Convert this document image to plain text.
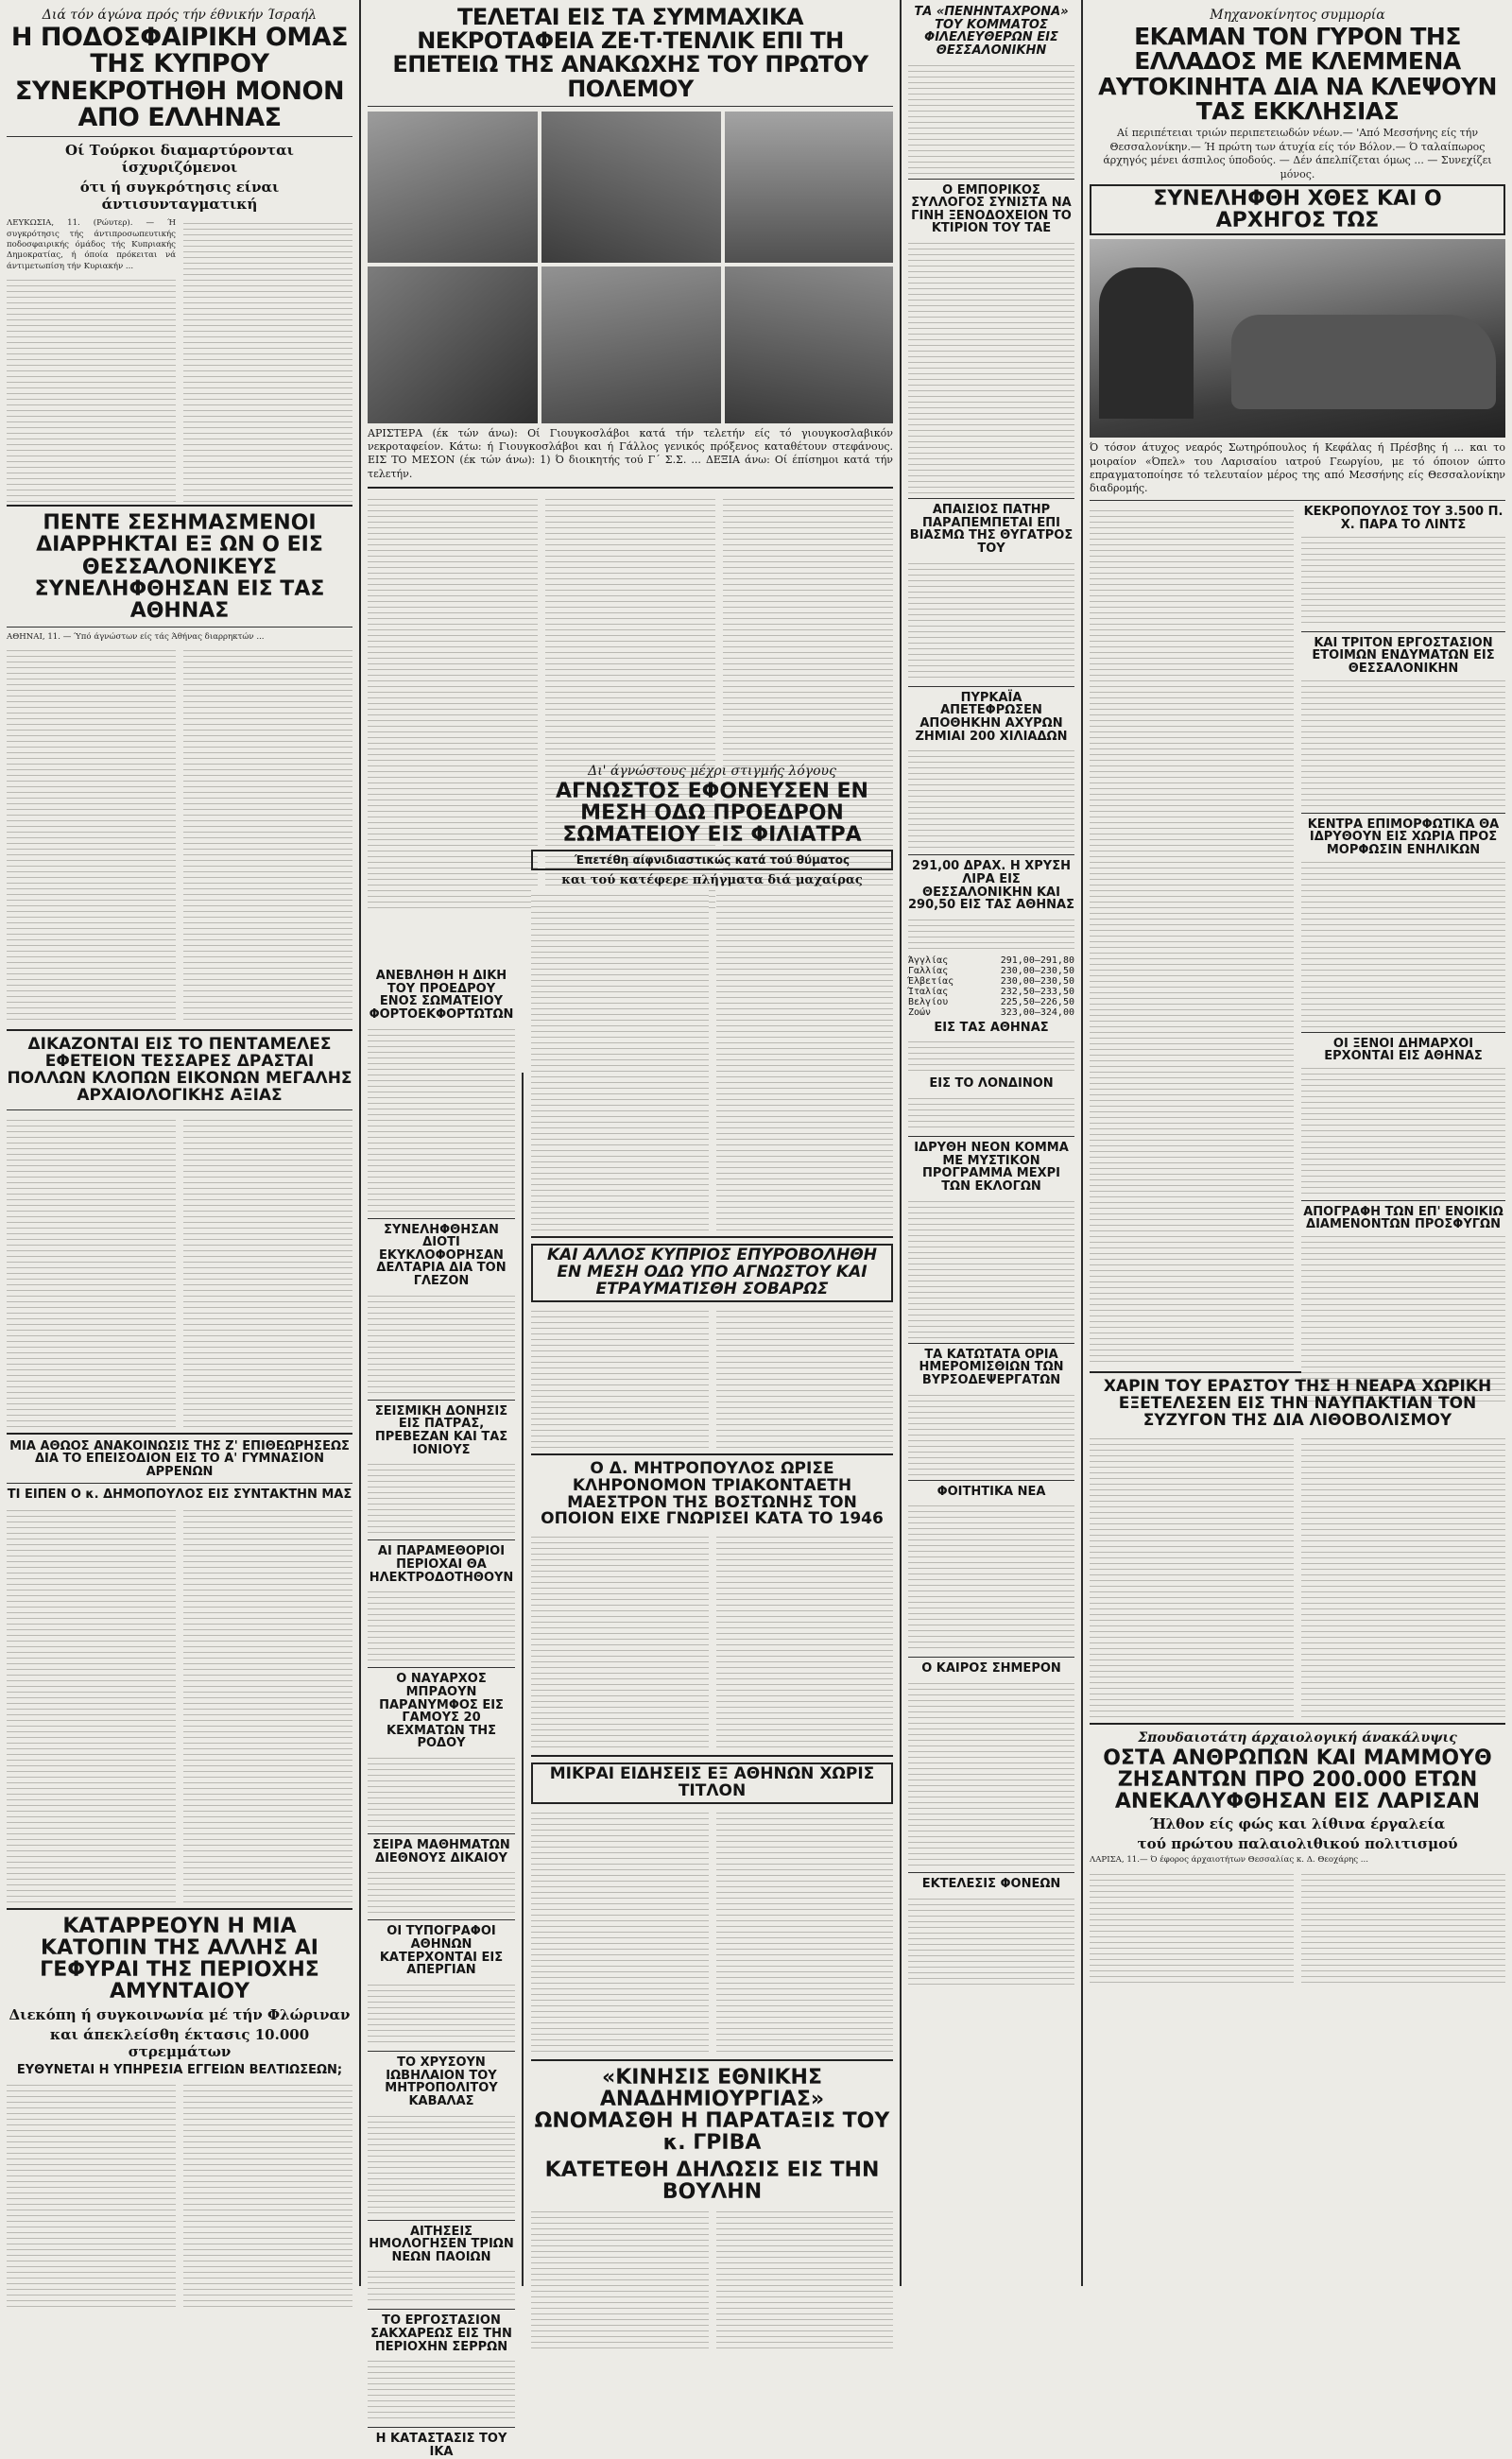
Διά τόν άγώνα πρός τήν έθνικήν Ίσραήλ
Η ΠΟΔΟΣΦΑΙΡΙΚΗ ΟΜΑΣ ΤΗΣ ΚΥΠΡΟΥ ΣΥΝΕΚΡΟΤΗΘΗ ΜΟΝΟΝ ΑΠΟ ΕΛΛΗΝΑΣ
Οί Τούρκοι διαμαρτύρονται ίσχυριζόμενοι
ότι ή συγκρότησις είναι άντισυνταγματική

ΛΕΥΚΩΣΙΑ, 11. (Ρώυτερ). — Ή συγκρότησις τής άντιπροσωπευτικής ποδοσφαιρικής όμάδος τής Κυπριακής Δημοκρατίας, ή όποία πρόκειται νά άντιμετωπίση τήν Κυριακήν ...

ΠΕΝΤΕ ΣΕΣΗΜΑΣΜΕΝΟΙ ΔΙΑΡΡΗΚΤΑΙ ΕΞ ΩΝ Ο ΕΙΣ ΘΕΣΣΑΛΟΝΙΚΕΥΣ ΣΥΝΕΛΗΦΘΗΣΑΝ ΕΙΣ ΤΑΣ ΑΘΗΝΑΣ

ΑΘΗΝΑΙ, 11. — Ύπό άγνώστων είς τάς Άθήνας διαρρηκτών ...

ΔΙΚΑΖΟΝΤΑΙ ΕΙΣ ΤΟ ΠΕΝΤΑΜΕΛΕΣ ΕΦΕΤΕΙΟΝ ΤΕΣΣΑΡΕΣ ΔΡΑΣΤΑΙ ΠΟΛΛΩΝ ΚΛΟΠΩΝ ΕΙΚΟΝΩΝ ΜΕΓΑΛΗΣ ΑΡΧΑΙΟΛΟΓΙΚΗΣ ΑΞΙΑΣ
ΜΙΑ ΑΘΩΟΣ ΑΝΑΚΟΙΝΩΣΙΣ ΤΗΣ Ζ' ΕΠΙΘΕΩΡΗΣΕΩΣ ΔΙΑ ΤΟ ΕΠΕΙΣΟΔΙΟΝ ΕΙΣ ΤΟ Α' ΓΥΜΝΑΣΙΟΝ ΑΡΡΕΝΩΝ
ΤΙ ΕΙΠΕΝ Ο κ. ΔΗΜΟΠΟΥΛΟΣ ΕΙΣ ΣΥΝΤΑΚΤΗΝ ΜΑΣ
ΚΑΤΑΡΡΕΟΥΝ Η ΜΙΑ ΚΑΤΟΠΙΝ ΤΗΣ ΑΛΛΗΣ ΑΙ ΓΕΦΥΡΑΙ ΤΗΣ ΠΕΡΙΟΧΗΣ ΑΜΥΝΤΑΙΟΥ
Διεκόπη ή συγκοινωνία μέ τήν Φλώριναν
και άπεκλείσθη έκτασις 10.000 στρεμμάτων
ΕΥΘΥΝΕΤΑΙ Η ΥΠΗΡΕΣΙΑ ΕΓΓΕΙΩΝ ΒΕΛΤΙΩΣΕΩΝ;
ΤΕΛΕΤΑΙ ΕΙΣ ΤΑ ΣΥΜΜΑΧΙΚΑ ΝΕΚΡΟΤΑΦΕΙΑ ΖΕ·Τ·ΤΕΝΛΙΚ ΕΠΙ ΤΗ ΕΠΕΤΕΙΩ ΤΗΣ ΑΝΑΚΩΧΗΣ ΤΟΥ ΠΡΩΤΟΥ ΠΟΛΕΜΟΥ

ΑΡΙΣΤΕΡΑ (έκ τών άνω): Οί Γιουγκοσλάβοι κατά τήν τελετήν είς τό γιουγκοσλαβικόν νεκροταφείον. Κάτω: ή Γιουγκοσλάβοι και ή Γάλλος γενικός πρόξενος καταθέτουν στεφάνους. ΕΙΣ ΤΟ ΜΕΣΟΝ (έκ τών άνω): 1) Ό διοικητής τού Γ΄ Σ.Σ. ... ΔΕΞΙΑ άνω: Οί έπίσημοι κατά τήν τελετήν.

ΑΝΕΒΛΗΘΗ Η ΔΙΚΗ ΤΟΥ ΠΡΟΕΔΡΟΥ ΕΝΟΣ ΣΩΜΑΤΕΙΟΥ ΦΟΡΤΟΕΚΦΟΡΤΩΤΩΝ
ΣΥΝΕΛΗΦΘΗΣΑΝ ΔΙΟΤΙ ΕΚΥΚΛΟΦΟΡΗΣΑΝ ΔΕΛΤΑΡΙΑ ΔΙΑ ΤΟΝ ΓΛΕΖΟΝ
ΣΕΙΣΜΙΚΗ ΔΟΝΗΣΙΣ ΕΙΣ ΠΑΤΡΑΣ, ΠΡΕΒΕΖΑΝ ΚΑΙ ΤΑΣ ΙΟΝΙΟΥΣ
ΑΙ ΠΑΡΑΜΕΘΟΡΙΟΙ ΠΕΡΙΟΧΑΙ ΘΑ ΗΛΕΚΤΡΟΔΟΤΗΘΟΥΝ
Ο ΝΑΥΑΡΧΟΣ ΜΠΡΑΟΥΝ ΠΑΡΑΝΥΜΦΟΣ ΕΙΣ ΓΑΜΟΥΣ 20 ΚΕΧΜΑΤΩΝ ΤΗΣ ΡΟΔΟΥ
ΣΕΙΡΑ ΜΑΘΗΜΑΤΩΝ ΔΙΕΘΝΟΥΣ ΔΙΚΑΙΟΥ
ΟΙ ΤΥΠΟΓΡΑΦΟΙ ΑΘΗΝΩΝ ΚΑΤΕΡΧΟΝΤΑΙ ΕΙΣ ΑΠΕΡΓΙΑΝ
ΤΟ ΧΡΥΣΟΥΝ ΙΩΒΗΛΑΙΟΝ ΤΟΥ ΜΗΤΡΟΠΟΛΙΤΟΥ ΚΑΒΑΛΑΣ
ΑΙΤΗΣΕΙΣ ΗΜΟΛΟΓΗΣΕΝ ΤΡΙΩΝ ΝΕΩΝ ΠΑΟΙΩΝ
ΤΟ ΕΡΓΟΣΤΑΣΙΟΝ ΣΑΚΧΑΡΕΩΣ ΕΙΣ ΤΗΝ ΠΕΡΙΟΧΗΝ ΣΕΡΡΩΝ
Η ΚΑΤΑΣΤΑΣΙΣ ΤΟΥ ΙΚΑ
Δι' άγνώστους μέχρι στιγμής λόγους
ΑΓΝΩΣΤΟΣ ΕΦΟΝΕΥΣΕΝ ΕΝ ΜΕΣΗ ΟΔΩ ΠΡΟΕΔΡΟΝ ΣΩΜΑΤΕΙΟΥ ΕΙΣ ΦΙΛΙΑΤΡΑ
Έπετέθη αίφνιδιαστικώς κατά τού θύματος
και τού κατέφερε πλήγματα διά μαχαίρας
ΚΑΙ ΑΛΛΟΣ ΚΥΠΡΙΟΣ ΕΠΥΡΟΒΟΛΗΘΗ ΕΝ ΜΕΣΗ ΟΔΩ ΥΠΟ ΑΓΝΩΣΤΟΥ ΚΑΙ ΕΤΡΑΥΜΑΤΙΣΘΗ ΣΟΒΑΡΩΣ
Ο Δ. ΜΗΤΡΟΠΟΥΛΟΣ ΩΡΙΣΕ ΚΛΗΡΟΝΟΜΟΝ ΤΡΙΑΚΟΝΤΑΕΤΗ ΜΑΕΣΤΡΟΝ ΤΗΣ ΒΟΣΤΩΝΗΣ ΤΟΝ ΟΠΟΙΟΝ ΕΙΧΕ ΓΝΩΡΙΣΕΙ ΚΑΤΑ ΤΟ 1946
ΜΙΚΡΑΙ ΕΙΔΗΣΕΙΣ ΕΞ ΑΘΗΝΩΝ ΧΩΡΙΣ ΤΙΤΛΟΝ
«ΚΙΝΗΣΙΣ ΕΘΝΙΚΗΣ ΑΝΑΔΗΜΙΟΥΡΓΙΑΣ» ΩΝΟΜΑΣΘΗ Η ΠΑΡΑΤΑΞΙΣ ΤΟΥ κ. ΓΡΙΒΑ
ΚΑΤΕΤΕΘΗ ΔΗΛΩΣΙΣ ΕΙΣ ΤΗΝ ΒΟΥΛΗΝ
ΤΑ «ΠΕΝΗΝΤΑΧΡΟΝΑ» ΤΟΥ ΚΟΜΜΑΤΟΣ ΦΙΛΕΛΕΥΘΕΡΩΝ ΕΙΣ ΘΕΣΣΑΛΟΝΙΚΗΝ
Ο ΕΜΠΟΡΙΚΟΣ ΣΥΛΛΟΓΟΣ ΣΥΝΙΣΤΑ ΝΑ ΓΙΝΗ ΞΕΝΟΔΟΧΕΙΟΝ ΤΟ ΚΤΙΡΙΟΝ ΤΟΥ ΤΑΕ
ΑΠΑΙΣΙΟΣ ΠΑΤΗΡ ΠΑΡΑΠΕΜΠΕΤΑΙ ΕΠΙ ΒΙΑΣΜΩ ΤΗΣ ΘΥΓΑΤΡΟΣ ΤΟΥ
ΠΥΡΚΑΪΑ ΑΠΕΤΕΦΡΩΣΕΝ ΑΠΟΘΗΚΗΝ ΑΧΥΡΩΝ
ΖΗΜΙΑΙ 200 ΧΙΛΙΑΔΩΝ
291,00 ΔΡΑΧ. Η ΧΡΥΣΗ ΛΙΡΑ ΕΙΣ ΘΕΣΣΑΛΟΝΙΚΗΝ ΚΑΙ 290,50 ΕΙΣ ΤΑΣ ΑΘΗΝΑΣ
Άγγλίας	291,00—291,80
Γαλλίας	230,00—230,50
Έλβετίας	230,00—230,50
Ίταλίας	232,50—233,50
Βελγίου	225,50—226,50
Ζοών	323,00—324,00
ΕΙΣ ΤΑΣ ΑΘΗΝΑΣ
ΕΙΣ ΤΟ ΛΟΝΔΙΝΟΝ
ΙΔΡΥΘΗ ΝΕΟΝ ΚΟΜΜΑ ΜΕ ΜΥΣΤΙΚΟΝ ΠΡΟΓΡΑΜΜΑ ΜΕΧΡΙ ΤΩΝ ΕΚΛΟΓΩΝ
ΤΑ ΚΑΤΩΤΑΤΑ ΟΡΙΑ ΗΜΕΡΟΜΙΣΘΙΩΝ ΤΩΝ ΒΥΡΣΟΔΕΨΕΡΓΑΤΩΝ
ΦΟΙΤΗΤΙΚΑ ΝΕΑ
Ο ΚΑΙΡΟΣ ΣΗΜΕΡΟΝ
ΕΚΤΕΛΕΣΙΣ ΦΟΝΕΩΝ
Μηχανοκίνητος συμμορία
ΕΚΑΜΑΝ ΤΟΝ ΓΥΡΟΝ ΤΗΣ ΕΛΛΑΔΟΣ ΜΕ ΚΛΕΜΜΕΝΑ ΑΥΤΟΚΙΝΗΤΑ ΔΙΑ ΝΑ ΚΛΕΨΟΥΝ ΤΑΣ ΕΚΚΛΗΣΙΑΣ

Αί περιπέτειαι τριών περιπετειωδών νέων.— 'Από Μεσσήνης είς τήν Θεσσαλονίκην.— Ή πρώτη των άτυχία είς τόν Βόλον.— Ό ταλαίπωρος άρχηγός μένει άσπιλος ύποδούς. — Δέν άπελπίζεται όμως ... — Συνεχίζει μόνος.

ΣΥΝΕΛΗΦΘΗ ΧΘΕΣ ΚΑΙ Ο ΑΡΧΗΓΟΣ ΤΩΣ

Ό τόσον άτυχος νεαρός Σωτηρόπουλος ή Κεφάλας ή Πρέσβης ή ... και το μοιραίον «Όπελ» του Λαρισαίου ιατρού Γεωργίου, με τό όποιον ώπτο επραγματοποίησε τό τελευταίον μέρος της από Μεσσήνης είς Θεσσαλονίκην διαδρομής.

ΚΕΚΡΟΠΟΥΛΟΣ ΤΟΥ 3.500 Π. Χ. ΠΑΡΑ ΤΟ ΛΙΝΤΣ
ΚΑΙ ΤΡΙΤΟΝ ΕΡΓΟΣΤΑΣΙΟΝ ΕΤΟΙΜΩΝ ΕΝΔΥΜΑΤΩΝ ΕΙΣ ΘΕΣΣΑΛΟΝΙΚΗΝ
ΚΕΝΤΡΑ ΕΠΙΜΟΡΦΩΤΙΚΑ ΘΑ ΙΔΡΥΘΟΥΝ ΕΙΣ ΧΩΡΙΑ ΠΡΟΣ ΜΟΡΦΩΣΙΝ ΕΝΗΛΙΚΩΝ
ΟΙ ΞΕΝΟΙ ΔΗΜΑΡΧΟΙ ΕΡΧΟΝΤΑΙ ΕΙΣ ΑΘΗΝΑΣ
ΑΠΟΓΡΑΦΗ ΤΩΝ ΕΠ' ΕΝΟΙΚΙΩ ΔΙΑΜΕΝΟΝΤΩΝ ΠΡΟΣΦΥΓΩΝ
ΧΑΡΙΝ ΤΟΥ ΕΡΑΣΤΟΥ ΤΗΣ Η ΝΕΑΡΑ ΧΩΡΙΚΗ ΕΞΕΤΕΛΕΣΕΝ ΕΙΣ ΤΗΝ ΝΑΥΠΑΚΤΙΑΝ ΤΟΝ ΣΥΖΥΓΟΝ ΤΗΣ ΔΙΑ ΛΙΘΟΒΟΛΙΣΜΟΥ
Σπουδαιοτάτη άρχαιολογική άνακάλυψις
ΟΣΤΑ ΑΝΘΡΩΠΩΝ ΚΑΙ ΜΑΜΜΟΥΘ ΖΗΣΑΝΤΩΝ ΠΡΟ 200.000 ΕΤΩΝ ΑΝΕΚΑΛΥΦΘΗΣΑΝ ΕΙΣ ΛΑΡΙΣΑΝ
Ήλθον είς φώς και λίθινα έργαλεία
τού πρώτου παλαιολιθικού πολιτισμού

ΛΑΡΙΣΑ, 11.— Ό έφορος άρχαιοτήτων Θεσσαλίας κ. Δ. Θεοχάρης ...
